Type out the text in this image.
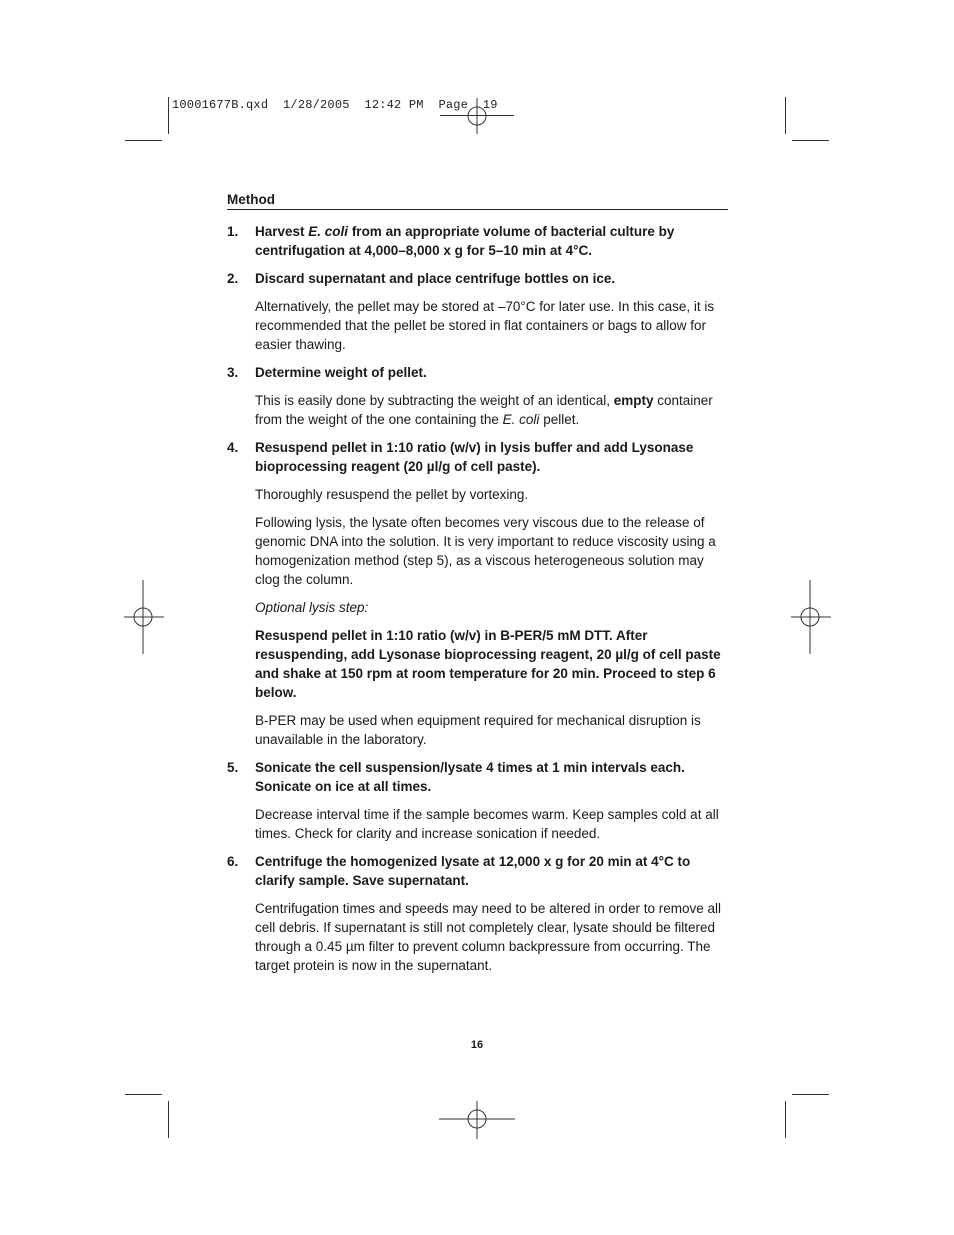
10001677B.qxd  1/28/2005  12:42 PM  Page  19
Method
1.	Harvest E. coli from an appropriate volume of bacterial culture by centrifugation at 4,000–8,000 x g for 5–10 min at 4°C.
2.	Discard supernatant and place centrifuge bottles on ice.
Alternatively, the pellet may be stored at –70°C for later use. In this case, it is recommended that the pellet be stored in flat containers or bags to allow for easier thawing.
3.	Determine weight of pellet.
This is easily done by subtracting the weight of an identical, empty container from the weight of the one containing the E. coli pellet.
4.	Resuspend pellet in 1:10 ratio (w/v) in lysis buffer and add Lysonase bioprocessing reagent (20 µl/g of cell paste).
Thoroughly resuspend the pellet by vortexing.
Following lysis, the lysate often becomes very viscous due to the release of genomic DNA into the solution. It is very important to reduce viscosity using a homogenization method (step 5), as a viscous heterogeneous solution may clog the column.
Optional lysis step:
Resuspend pellet in 1:10 ratio (w/v) in B-PER/5 mM DTT. After resuspending, add Lysonase bioprocessing reagent, 20 µl/g of cell paste and shake at 150 rpm at room temperature for 20 min. Proceed to step 6 below.
B-PER may be used when equipment required for mechanical disruption is unavailable in the laboratory.
5.	Sonicate the cell suspension/lysate 4 times at 1 min intervals each. Sonicate on ice at all times.
Decrease interval time if the sample becomes warm. Keep samples cold at all times. Check for clarity and increase sonication if needed.
6.	Centrifuge the homogenized lysate at 12,000 x g for 20 min at 4°C to clarify sample. Save supernatant.
Centrifugation times and speeds may need to be altered in order to remove all cell debris. If supernatant is still not completely clear, lysate should be filtered through a 0.45 µm filter to prevent column backpressure from occurring. The target protein is now in the supernatant.
16
